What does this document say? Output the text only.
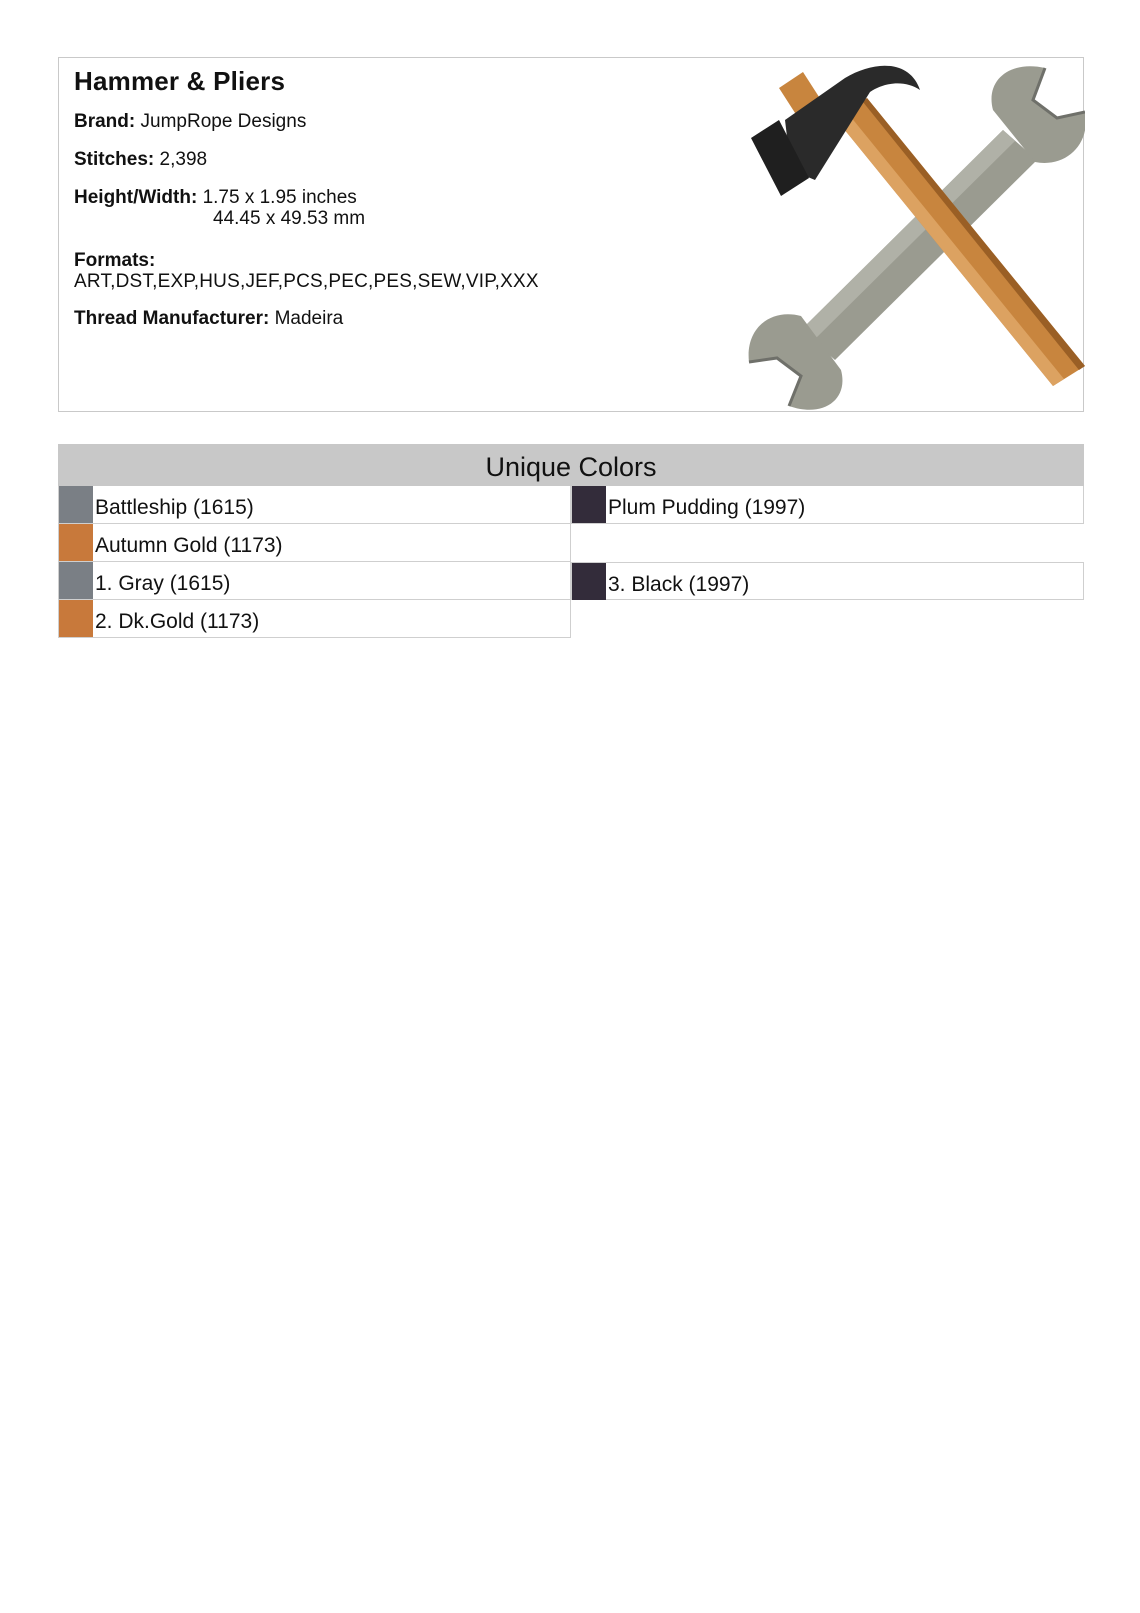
Hammer & Pliers
Brand: JumpRope Designs
Stitches: 2,398
Height/Width: 1.75 x 1.95 inches
44.45 x 49.53 mm
Formats:
ART,DST,EXP,HUS,JEF,PCS,PEC,PES,SEW,VIP,XXX
Thread Manufacturer: Madeira
Unique Colors
Battleship (1615)	Plum Pudding (1997)
Autumn Gold (1173)
1. Gray (1615)	3. Black (1997)
2. Dk.Gold (1173)
